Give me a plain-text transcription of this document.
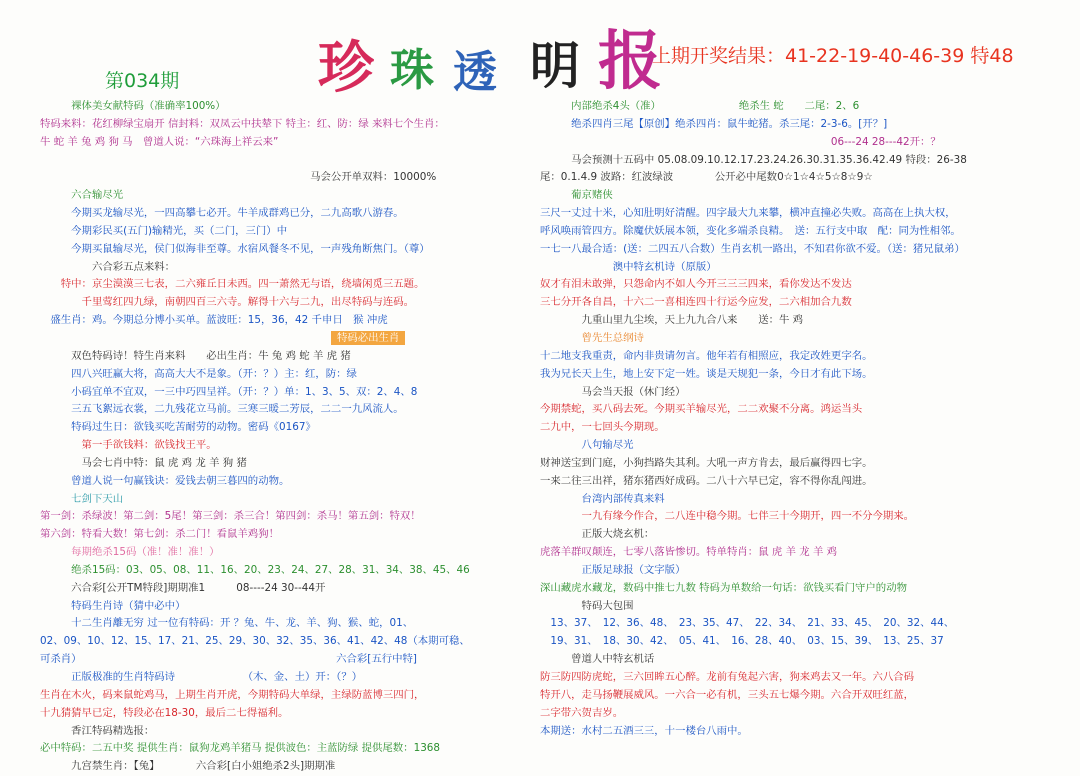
第034期 珍 珠 透 明 报
上期开奖结果：41-22-19-40-46-39 特48
　　　裸体美女献特码（准确率100%）
特码来料：花红柳绿宝扇开 信封料：双凤云中扶辇下 特主：红、防：绿 来料七个生肖：
牛 蛇 羊 兔 鸡 狗 马　曾道人说：“六珠海上祥云来”
　　　　　　　　　　　　　　　　　　　　　　　　　　马会公开单双料：10000%
　　　六合输尽光
　　　今期买龙输尽光，一四高攀七必开。牛羊成群鸡已分，二九高歌八游春。
　　　今期彩民买(五门)输精光，买（二门，三门）中
　　　今期买鼠输尽光，侯门似海非至尊。水宿风餐冬不见，一声残角断焦门。（尊）
　　　　　六合彩五点来料：
　　特中：京尘漠漠三七表，二六雍丘日未西。四一萧然无与语，绕墙闲觅三五题。
　　　　千里莺红四九绿，南朝四百三六寺。解得十六与二九，出尽特码与连码。
　盛生肖：鸡。今期总分博小买单。蓝波旺：15，36，42 千申日　猴 冲虎
　　　　　　　　　　　　　　　　　　　　　　　　　　　　特码必出生肖
　　　双色特码诗！特生肖来料　　必出生肖：牛 兔 鸡 蛇 羊 虎 猪
　　　四八兴旺赢大将，高高大大不是象。（开：？）主：红，防：绿
　　　小码宜单不宜双，一三中巧四呈祥。（开：？）单：1、3、5、双：2、4、8
　　　三五飞絮远衣裳，二九残花立马前。三寒三暖二芳辰，二二一九风流人。
　　　特码过生日：欲钱买吃苦耐劳的动物。密码《0167》
　　　　第一手欲钱料：欲钱找王平。
　　　　马会七肖中特：鼠 虎 鸡 龙 羊 狗 猪
　　　曾道人说一句赢钱诀：爱钱去朝三暮四的动物。
　　　七剑下天山
第一剑：杀绿波！第二剑：5尾！第三剑：杀三合！第四剑：杀马！第五剑：特双！
第六剑：特看大数！第七剑：杀二门！看鼠羊鸡狗！
　　　每期绝杀15码（准！准！准！）
　　　绝杀15码：03、05、08、11、16、20、23、24、27、28、31、34、38、45、46
　　　六合彩[公开TM特段]期期准1　　　08----24 30--44开
　　　特码生肖诗（猜中必中）
　　　十二生肖離无穷 过一位有特码：开 ？兔、牛、龙、羊、狗、猴、蛇，01、
02、09、10、12、15、17、21、25、29、30、32、35、36、41、42、48（本期可稳、
可杀肖）　　　　　　　　　　　　　　　　　　　　　　　　　六合彩[五行中特]
　　　正版极准的生肖特码诗　　　　　　　（木、金、土）开：（？）
生肖在木火，码来鼠蛇鸡马，上期生肖开虎，今期特码大单绿，主绿防蓝博三四门，
十九猜猜早已定，特段必在18-30，最后二七得福利。
　　　香江特码精选报：
必中特码：二五中奖 提供生肖：鼠狗龙鸡羊猪马 提供波色：主蓝防绿 提供尾数：1368
　　　九宫禁生肖：【兔】　　　　六合彩[白小姐绝杀2头]期期准
　　　内部绝杀4头（准）　　　　　　　　绝杀生 蛇　　二尾：2、6
　　　绝杀四肖三尾【原创】绝杀四肖：鼠牛蛇猪。杀三尾：2-3-6。[开？]
　　　　　　　　　　　　　　　　　　　　　　　　　　　　06---24 28---42开：？
　　　马会预测十五码中 05.08.09.10.12.17.23.24.26.30.31.35.36.42.49 特段：26-38
尾：0.1.4.9 波路：红波绿波　　　　公开必中尾数0☆1☆4☆5☆8☆9☆
　　　葡京赌侠
三尺一丈过十米，心知肚明好清醒。四字最大九来攀，横冲直撞必失败。高高在上执大权，
呼风唤雨管四方。除魔伏妖展本领，变化多端杀良精。　送：五行支中取　配：同为性相邻。
一七一八最合适：(送：二四五八合数）生肖玄机一路出，不知君你欲不爱。（送：猪兄鼠弟）
　　　　　　　澳中特玄机诗（原版）
奴才有泪未敢弹，只怨命内不如人今开三三三四来，看你发达不发达
三七分开各自昌，十六二一喜相连四十行运今应发，二六相加合九数
　　　　九重山里九尘埃，天上九九合八来　　送：牛 鸡
　　　　曾先生总纲诗
十二地支我重责，命内非贵请勿言。他年若有相照应，我定改姓更字名。
我为兄长天上生，地上安下定一姓。谈是天规犯一条，今日才有此下场。
　　　　马会当天报（休门经）
今期禁蛇，买八码去死。今期买羊输尽光，二二欢聚不分离。鸿运当头
二九中，一七回头今期现。
　　　　八句输尽光
财神送宝到门庭，小狗挡路失其利。大吼一声方肯去，最后赢得四七字。
一来二往三出祥，猪东猪西好成码。二八十六早已定，容不得你乱闯进。
　　　　台湾内部传真来料
　　　　一九有缘今作合，二八连中稳今期。七伴三十今期开，四一不分今期来。
　　　　正版大烧玄机：
虎落羊群叹颠连，七零八落皆惨切。特单特肖：鼠 虎 羊 龙 羊 鸡
　　　　正版足球报（文字版）
深山藏虎水藏龙，数码中推七九数 特码为单数给一句话：欲钱买看门守户的动物
　　　　特码大包围
　13、37、　12、36、48、　23、35、47、　22、34、　21、33、45、　20、32、44、
　19、31、　18、30、42、　05、41、　16、28、40、　03、15、39、　13、25、37
　　　曾道人中特玄机话
防三防四防虎蛇，三六回眸五心醉。龙前有兔起六害，狗来鸡去又一年。六八合码
特开八，走马扬鞭展威风。一六合一必有机，三头五七爆今期。六合开双旺红蓝，
二字带六贺吉岁。
本期送：水村二五酒三三，十一楼台八雨中。
